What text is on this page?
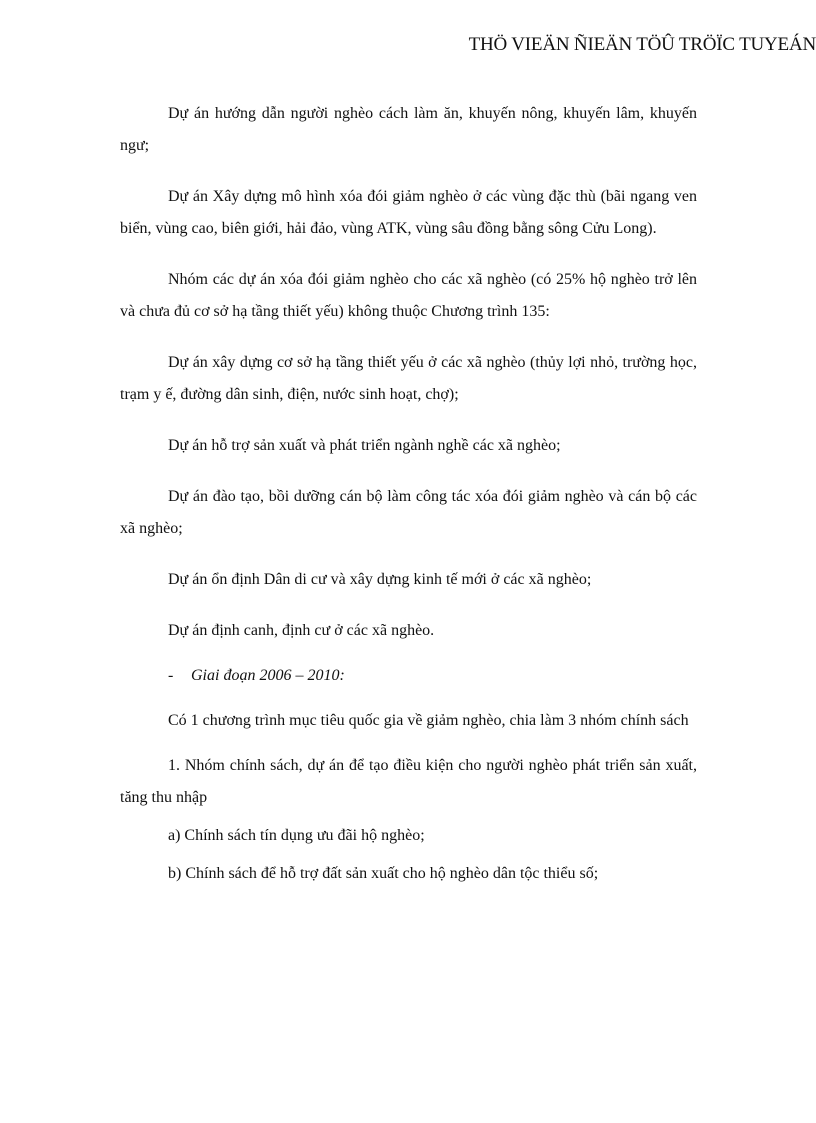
THÖ VIEÄN ÑIEÄN TÖÛ TRÖÏC TUYEÁN

Dự án hướng dẫn người nghèo cách làm ăn, khuyến nông, khuyến lâm, khuyến ngư;

Dự án Xây dựng mô hình xóa đói giảm nghèo ở các vùng đặc thù (bãi ngang ven biển, vùng cao, biên giới, hải đảo, vùng ATK, vùng sâu đồng bằng sông Cửu Long).

Nhóm các dự án xóa đói giảm nghèo cho các xã nghèo (có 25% hộ nghèo trở lên và chưa đủ cơ sở hạ tầng thiết yếu) không thuộc Chương trình 135:

Dự án xây dựng cơ sở hạ tầng thiết yếu ở các xã nghèo (thủy lợi nhỏ, trường học, trạm y ế, đường dân sinh, điện, nước sinh hoạt, chợ);

Dự án hỗ trợ sản xuất và phát triển ngành nghề các xã nghèo;

Dự án đào tạo, bồi dưỡng cán bộ làm công tác xóa đói giảm nghèo và cán bộ các xã nghèo;

Dự án ổn định Dân di cư và xây dựng kinh tế mới ở các xã nghèo;

Dự án định canh, định cư ở các xã nghèo.

- Giai đoạn 2006 – 2010:

Có 1 chương trình mục tiêu quốc gia về giảm nghèo, chia làm 3 nhóm chính sách

1. Nhóm chính sách, dự án để tạo điều kiện cho người nghèo phát triển sản xuất, tăng thu nhập

a) Chính sách tín dụng ưu đãi hộ nghèo;

b) Chính sách để hỗ trợ đất sản xuất cho hộ nghèo dân tộc thiểu số;
